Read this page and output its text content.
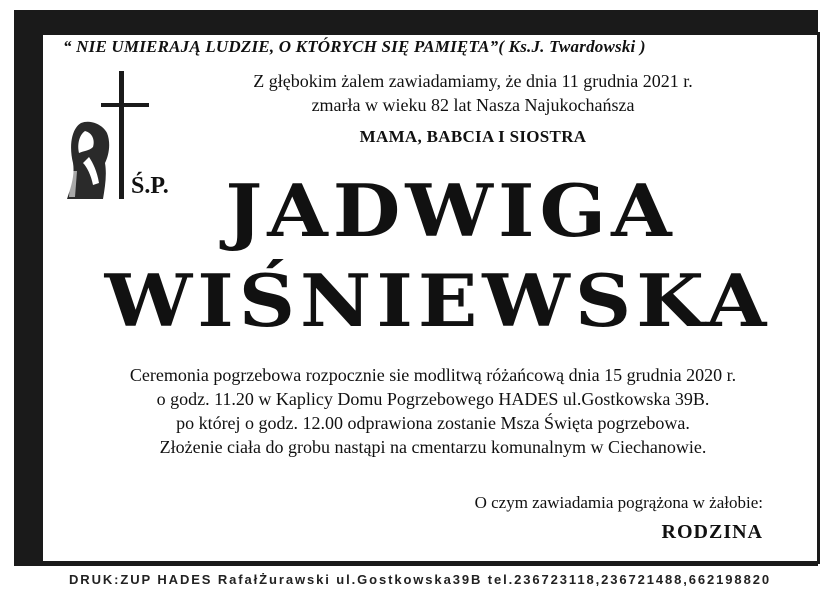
“ NIE UMIERAJĄ LUDZIE, O KTÓRYCH SIĘ PAMIĘTA”( Ks.J. Twardowski )
Z głębokim żalem zawiadamiamy, że dnia 11 grudnia 2021 r.
zmarła w wieku 82 lat Nasza Najukochańsza
MAMA, BABCIA I SIOSTRA
Ś.P. JADWIGA
WIŚNIEWSKA
Ceremonia pogrzebowa rozpocznie sie modlitwą różańcową dnia 15 grudnia 2020 r.
o godz. 11.20 w Kaplicy Domu Pogrzebowego HADES ul.Gostkowska 39B.
po której o godz. 12.00 odprawiona zostanie Msza Święta pogrzebowa.
Złożenie ciała do grobu nastąpi na cmentarzu komunalnym w Ciechanowie.
O czym zawiadamia pogrążona w żałobie:
RODZINA
DRUK:ZUP HADES RafałŻurawski ul.Gostkowska39B tel.236723118,236721488,662198820
